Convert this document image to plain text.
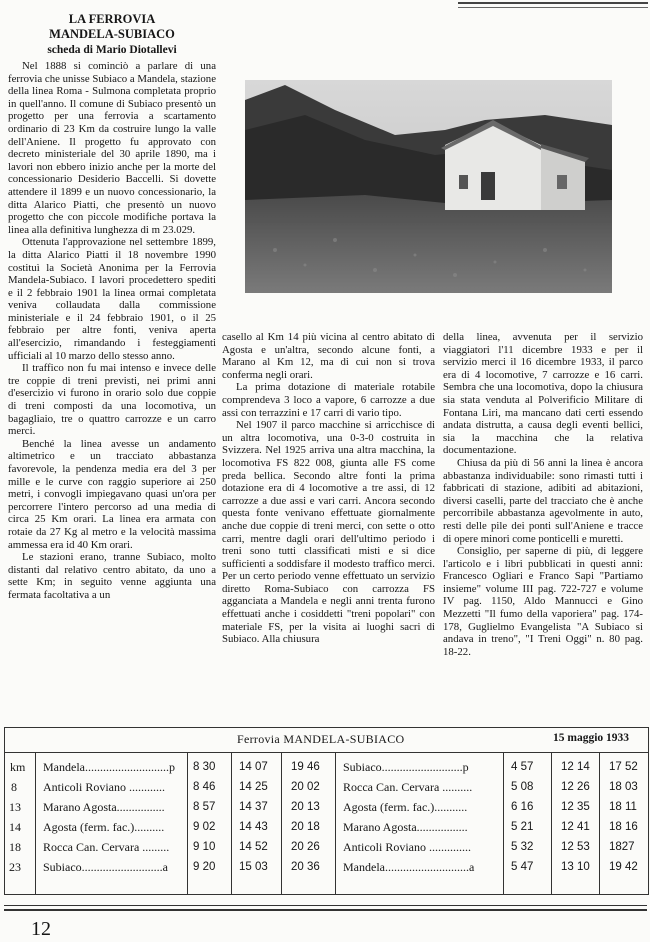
LA FERROVIA
MANDELA-SUBIACO
scheda di Mario Diotallevi

Nel 1888 si cominciò a parlare di una ferrovia che unisse Subiaco a Mandela, stazione della linea Roma - Sulmona completata proprio in quell'anno. Il comune di Subiaco presentò un progetto per una ferrovia a scartamento ordinario di 23 Km da costruire lungo la valle dell'Aniene. Il progetto fu approvato con decreto ministeriale del 30 aprile 1890, ma i lavori non ebbero inizio anche per la morte del concessionario Desiderio Baccelli. Si dovette attendere il 1899 e un nuovo concessionario, la ditta Alarico Piatti, che presentò un nuovo progetto che con piccole modifiche portava la linea alla definitiva lunghezza di m 23.029.

Ottenuta l'approvazione nel settembre 1899, la ditta Alarico Piatti il 18 novembre 1990 costituì la Società Anonima per la Ferrovia Mandela-Subiaco. I lavori procedettero spediti e il 2 febbraio 1901 la linea ormai completata veniva collaudata dalla commissione ministeriale e il 24 febbraio 1901, o il 25 febbraio per altre fonti, veniva aperta all'esercizio, rimandando i festeggiamenti ufficiali al 10 marzo dello stesso anno.

Il traffico non fu mai intenso e invece delle tre coppie di treni previsti, nei primi anni d'esercizio vi furono in orario solo due coppie di treni composti da una locomotiva, un bagagliaio, tre o quattro carrozze e un carro merci.

Benché la linea avesse un andamento altimetrico e un tracciato abbastanza favorevole, la pendenza media era del 3 per mille e le curve con raggio superiore ai 250 metri, i convogli impiegavano quasi un'ora per percorrere l'intero percorso ad una media di circa 25 Km orari. La linea era armata con rotaie da 27 Kg al metro e la velocità massima ammessa era id 40 Km orari.

Le stazioni erano, tranne Subiaco, molto distanti dal relativo centro abitato, da uno a sette Km; in seguito venne aggiunta una fermata facoltativa a un

casello al Km 14 più vicina al centro abitato di Agosta e un'altra, secondo alcune fonti, a Marano al Km 12, ma di cui non si trova conferma negli orari.

La prima dotazione di materiale rotabile comprendeva 3 loco a vapore, 6 carrozze a due assi con terrazzini e 17 carri di vario tipo.

Nel 1907 il parco macchine si arricchisce di un altra locomotiva, una 0-3-0 costruita in Svizzera. Nel 1925 arriva una altra macchina, la locomotiva FS 822 008, giunta alle FS come preda bellica. Secondo altre fonti la prima dotazione era di 4 locomotive a tre assi, di 12 carrozze a due assi e vari carri. Ancora secondo questa fonte venivano effettuate giornalmente anche due coppie di treni merci, con sette o otto carri, mentre dagli orari dell'ultimo periodo i treni sono tutti classificati misti e si dice sufficienti a soddisfare il modesto traffico merci. Per un certo periodo venne effettuato un servizio diretto Roma-Subiaco con carrozza FS agganciata a Mandela e negli anni trenta furono effettuati anche i cosiddetti "treni popolari" con materiale FS, per la visita ai luoghi sacri di Subiaco. Alla chiusura

della linea, avvenuta per il servizio viaggiatori l'11 dicembre 1933 e per il servizio merci il 16 dicembre 1933, il parco era di 4 locomotive, 7 carrozze e 16 carri. Sembra che una locomotiva, dopo la chiusura sia stata venduta al Polverificio Militare di Fontana Liri, ma mancano dati certi essendo andata distrutta, a causa degli eventi bellici, sia la macchina che la relativa documentazione.

Chiusa da più di 56 anni la linea è ancora abbastanza individuabile: sono rimasti tutti i fabbricati di stazione, adibiti ad abitazioni, diversi caselli, parte del tracciato che è anche percorribile abbastanza agevolmente in auto, resti delle pile dei ponti sull'Aniene e tracce di opere minori come ponticelli e muretti.

Consiglio, per saperne di più, di leggere l'articolo e i libri pubblicati in questi anni: Francesco Ogliari e Franco Sapi "Partiamo insieme" volume III pag. 722-727 e volume IV pag. 1150, Aldo Mannucci e Gino Mezzetti "Il fumo della vaporiera" pag. 174-178, Guglielmo Evangelista "A Subiaco si andava in treno", "I Treni Oggi" n. 80 pag. 18-22.

Ferrovia MANDELA-SUBIACO	15 maggio 1933
km
8
13
14
18
23
Mandela............................p
Anticoli Roviano ............
Marano Agosta................
Agosta (ferm. fac.)..........
Rocca Can. Cervara .........
Subiaco...........................a
8 30
8 46
8 57
9 02
9 10
9 20
14 07
14 25
14 37
14 43
14 52
15 03
19 46
20 02
20 13
20 18
20 26
20 36
Subiaco...........................p
Rocca Can. Cervara ..........
Agosta (ferm. fac.)...........
Marano Agosta.................
Anticoli Roviano ..............
Mandela............................a
4 57
5 08
6 16
5 21
5 32
5 47
12 14
12 26
12 35
12 41
12 53
13 10
17 52
18 03
18 11
18 16
1827
19 42
12
